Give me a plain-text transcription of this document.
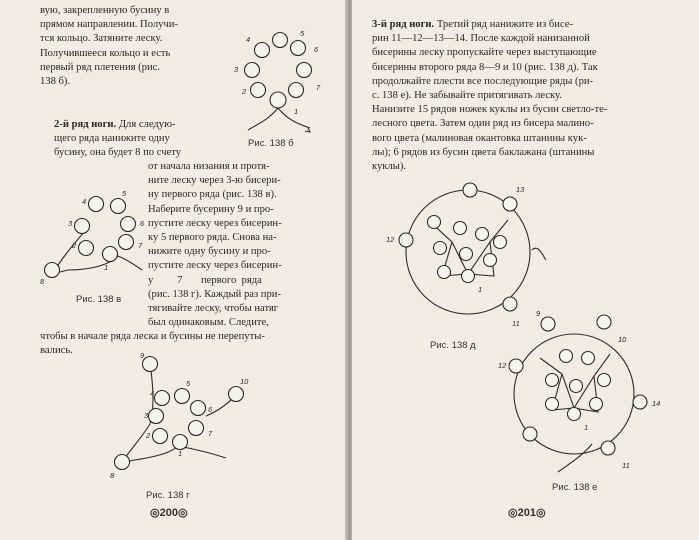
вую, закрепленную бусину в
прямом направлении. Получи-
тся кольцо. Затяните леску.
Получившееся кольцо и есть
первый ряд плетения (рис.
138 б).
2-й ряд ноги. Для следую-
щего ряда нанижите одну
бусину, она будет 8 по счету
от начала низания и протя-
ните леску через 3-ю бисери-
ну первого ряда (рис. 138 в).
Наберите бусерину 9 и про-
пустите леску через бисерин-
ку 5 первого ряда. Снова на-
нижите одну бусину и про-
пустите леску через бисерин-
у         7       первого  ряда
(рис. 138 г). Каждый раз при-
тягивайте леску, чтобы натяг
был одинаковым. Следите,
чтобы в начале ряда леска и бусины не перепуты-
вались.
1
2
3
4
5
6
7
Рис. 138 б
1
2
3
4
5
6
7
8
Рис. 138 в
1
2
3
4
5
6
7
8
9
10
Рис. 138 г
◎200◎
3-й ряд ноги. Третий ряд нанижите из бисе-
рин 11—12—13—14. После каждой нанизанной
бисерины леску пропускайте через выступающие
бисерины второго ряда 8—9 и 10 (рис. 138 д). Так
продолжайте плести все последующие ряды (ри-
с. 138 е). Не забывайте притягивать леску.
Нанизите 15 рядов ножек куклы из бусин светло-те-
лесного цвета. Затем один ряд из бисера малино-
вого цвета (малиновая окантовка штанины кук-
лы); 6 рядов из бусин цвета баклажана (штанины
куклы).
1
11
12
13
Рис. 138 д
1
9
10
11
12
14
Рис. 138 е
◎201◎
